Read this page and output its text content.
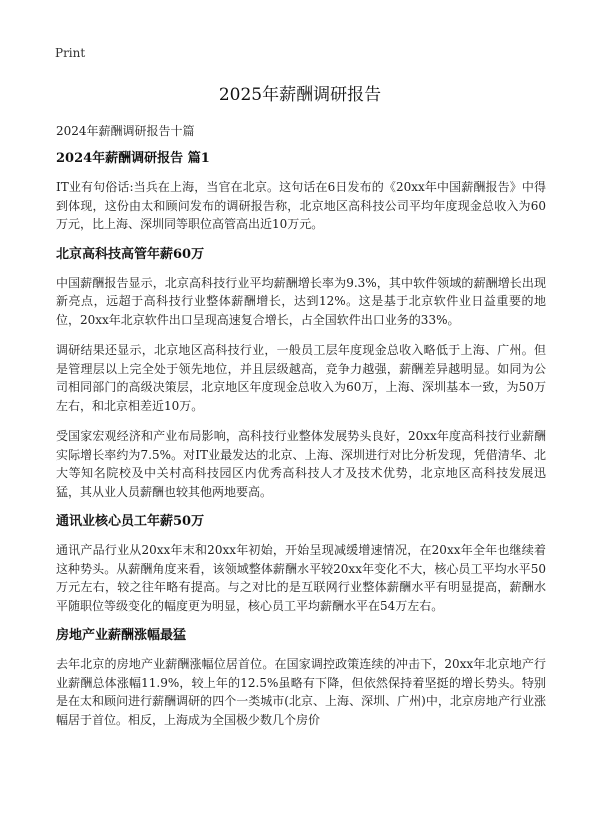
Print
2025年薪酬调研报告

2024年薪酬调研报告十篇

2024年薪酬调研报告 篇1

IT业有句俗话:当兵在上海，当官在北京。这句话在6日发布的《20xx年中国薪酬报告》中得到体现，这份由太和顾问发布的调研报告称，北京地区高科技公司平均年度现金总收入为60万元，比上海、深圳同等职位高管高出近10万元。

北京高科技高管年薪60万

中国薪酬报告显示，北京高科技行业平均薪酬增长率为9.3%，其中软件领域的薪酬增长出现新亮点，远超于高科技行业整体薪酬增长，达到12%。这是基于北京软件业日益重要的地位，20xx年北京软件出口呈现高速复合增长，占全国软件出口业务的33%。

调研结果还显示，北京地区高科技行业，一般员工层年度现金总收入略低于上海、广州。但是管理层以上完全处于领先地位，并且层级越高，竞争力越强，薪酬差异越明显。如同为公司相同部门的高级决策层，北京地区年度现金总收入为60万，上海、深圳基本一致，为50万左右，和北京相差近10万。

受国家宏观经济和产业布局影响，高科技行业整体发展势头良好，20xx年度高科技行业薪酬实际增长率约为7.5%。对IT业最发达的北京、上海、深圳进行对比分析发现，凭借清华、北大等知名院校及中关村高科技园区内优秀高科技人才及技术优势，北京地区高科技发展迅猛，其从业人员薪酬也较其他两地要高。

通讯业核心员工年薪50万

通讯产品行业从20xx年末和20xx年初始，开始呈现减缓增速情况，在20xx年全年也继续着这种势头。从薪酬角度来看，该领域整体薪酬水平较20xx年变化不大，核心员工平均水平50万元左右，较之往年略有提高。与之对比的是互联网行业整体薪酬水平有明显提高，薪酬水平随职位等级变化的幅度更为明显，核心员工平均薪酬水平在54万左右。

房地产业薪酬涨幅最猛

去年北京的房地产业薪酬涨幅位居首位。在国家调控政策连续的冲击下，20xx年北京地产行业薪酬总体涨幅11.9%，较上年的12.5%虽略有下降，但依然保持着坚挺的增长势头。特别是在太和顾问进行薪酬调研的四个一类城市(北京、上海、深圳、广州)中，北京房地产行业涨幅居于首位。相反，上海成为全国极少数几个房价
